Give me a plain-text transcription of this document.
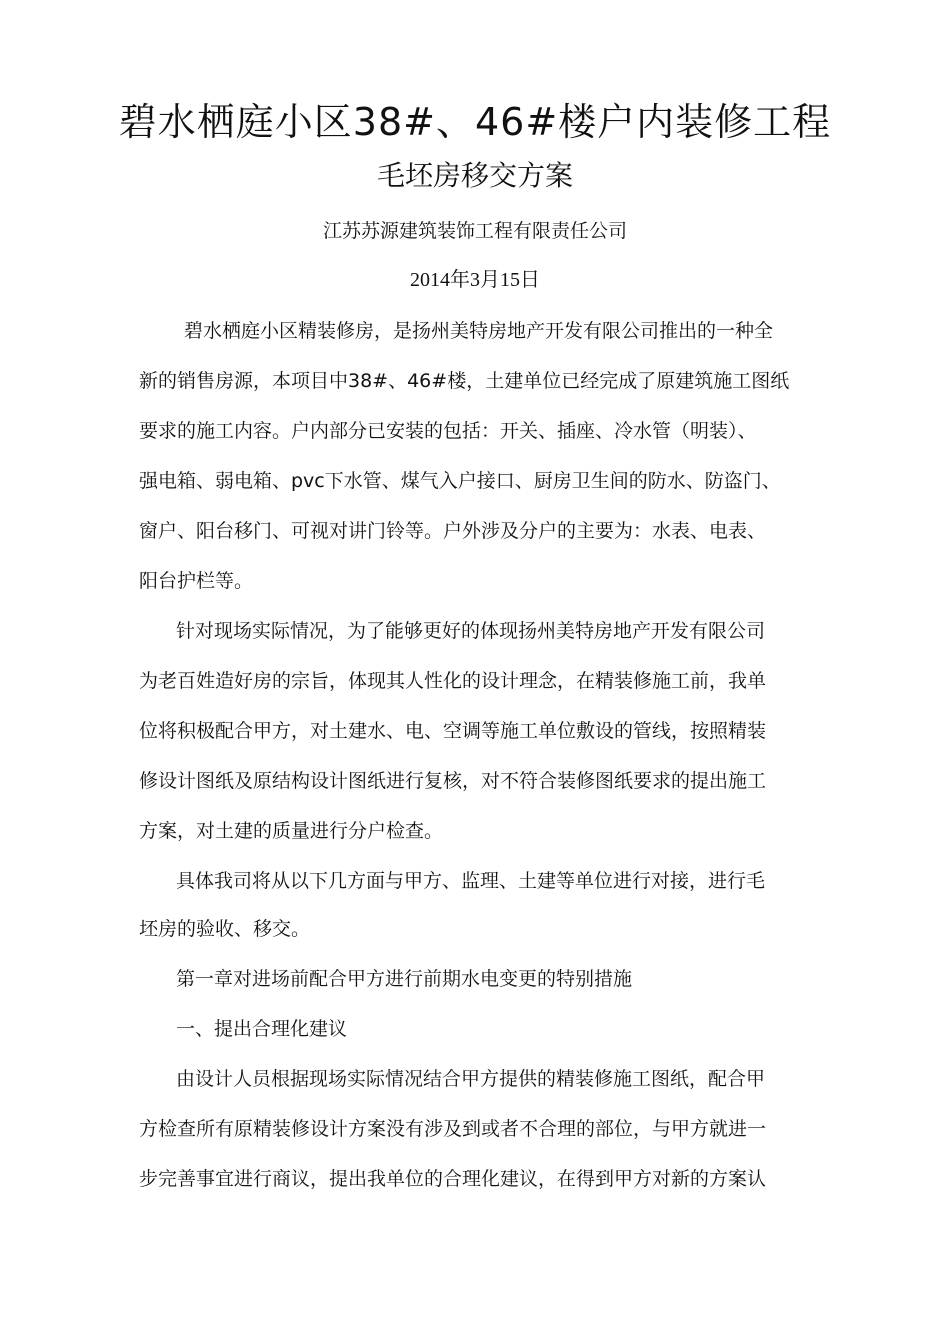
碧水栖庭小区38#、46#楼户内装修工程
毛坯房移交方案
江苏苏源建筑装饰工程有限责任公司
2014年3月15日
碧水栖庭小区精装修房，是扬州美特房地产开发有限公司推出的一种全
新的销售房源，本项目中38#、46#楼，土建单位已经完成了原建筑施工图纸
要求的施工内容。户内部分已安装的包括：开关、插座、冷水管（明装）、
强电箱、弱电箱、pvc下水管、煤气入户接口、厨房卫生间的防水、防盗门、
窗户、阳台移门、可视对讲门铃等。户外涉及分户的主要为：水表、电表、
阳台护栏等。
针对现场实际情况，为了能够更好的体现扬州美特房地产开发有限公司
为老百姓造好房的宗旨，体现其人性化的设计理念，在精装修施工前，我单
位将积极配合甲方，对土建水、电、空调等施工单位敷设的管线，按照精装
修设计图纸及原结构设计图纸进行复核，对不符合装修图纸要求的提出施工
方案，对土建的质量进行分户检查。
具体我司将从以下几方面与甲方、监理、土建等单位进行对接，进行毛
坯房的验收、移交。
第一章对进场前配合甲方进行前期水电变更的特别措施
一、提出合理化建议
由设计人员根据现场实际情况结合甲方提供的精装修施工图纸，配合甲
方检查所有原精装修设计方案没有涉及到或者不合理的部位，与甲方就进一
步完善事宜进行商议，提出我单位的合理化建议，在得到甲方对新的方案认
